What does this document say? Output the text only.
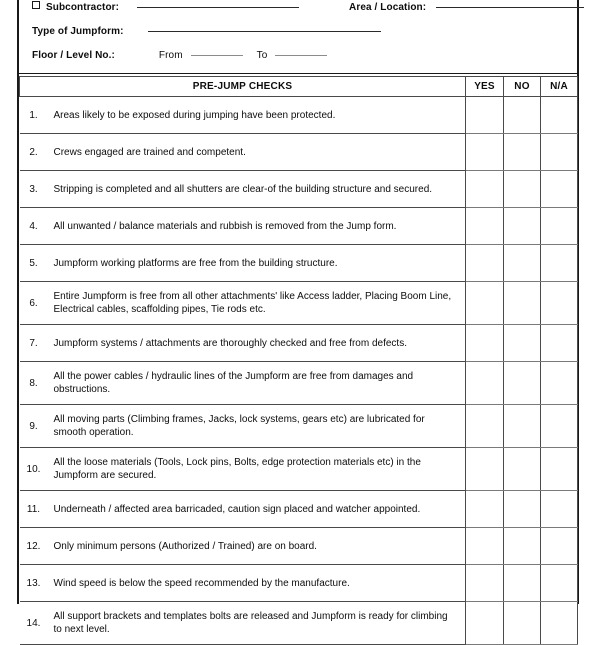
Subcontractor:	Area / Location:
Type of Jumpform:
Floor / Level No.:	From	To
PRE-JUMP CHECKS		YES	NO	N/A
1.	Areas likely to be exposed during jumping have been protected.			
2.	Crews engaged are trained and competent.			
3.	Stripping is completed and all shutters are clear-of the building structure and secured.			
4.	All unwanted / balance materials and rubbish is removed from the Jump form.			
5.	Jumpform working platforms are free from the building structure.			
6.	Entire Jumpform is free from all other attachments' like Access ladder, Placing Boom Line, Electrical cables, scaffolding pipes, Tie rods etc.			
7.	Jumpform systems / attachments are thoroughly checked and free from defects.			
8.	All the power cables / hydraulic lines of the Jumpform are free from damages and obstructions.			
9.	All moving parts (Climbing frames, Jacks, lock systems, gears etc) are lubricated for smooth operation.			
10.	All the loose materials (Tools, Lock pins, Bolts, edge protection materials etc) in the Jumpform are secured.			
11.	Underneath / affected area barricaded, caution sign placed and watcher appointed.			
12.	Only minimum persons (Authorized / Trained) are on board.			
13.	Wind speed is below the speed recommended by the manufacture.			
14.	All support brackets and templates bolts are released and Jumpform is ready for climbing to next level.			
